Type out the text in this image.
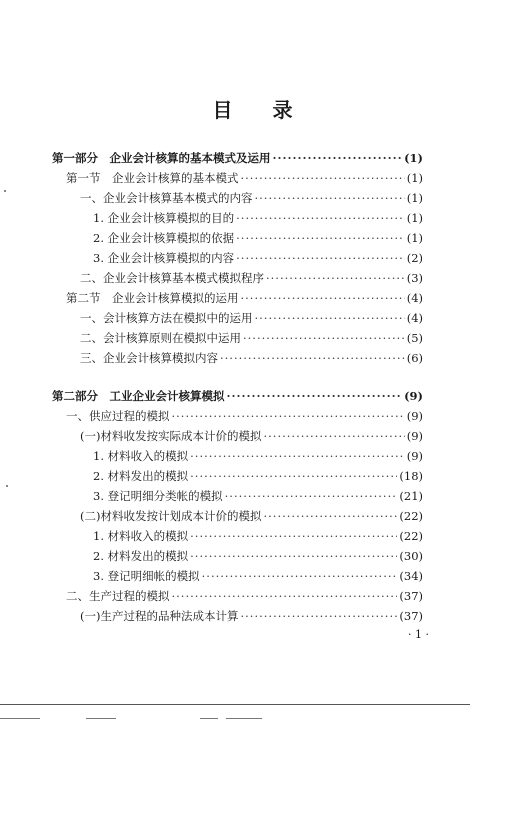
目 录
第一部分　企业会计核算的基本模式及运用 ·····	(1)
第一节　企业会计核算的基本模式 ·····	(1)
一、企业会计核算基本模式的内容 ·····	(1)
1. 企业会计核算模拟的目的 ·····	(1)
2. 企业会计核算模拟的依据 ·····	(1)
3. 企业会计核算模拟的内容 ·····	(2)
二、企业会计核算基本模式模拟程序 ·····	(3)
第二节　企业会计核算模拟的运用 ·····	(4)
一、会计核算方法在模拟中的运用 ·····	(4)
二、会计核算原则在模拟中运用 ·····	(5)
三、企业会计核算模拟内容 ·····	(6)
第二部分　工业企业会计核算模拟 ·····	(9)
一、供应过程的模拟 ·····	(9)
(一)材料收发按实际成本计价的模拟 ·····	(9)
1. 材料收入的模拟 ·····	(9)
2. 材料发出的模拟 ·····	(18)
3. 登记明细分类帐的模拟 ·····	(21)
(二)材料收发按计划成本计价的模拟 ·····	(22)
1. 材料收入的模拟 ·····	(22)
2. 材料发出的模拟 ·····	(30)
3. 登记明细帐的模拟 ·····	(34)
二、生产过程的模拟 ·····	(37)
(一)生产过程的品种法成本计算 ·····	(37)
· 1 ·
